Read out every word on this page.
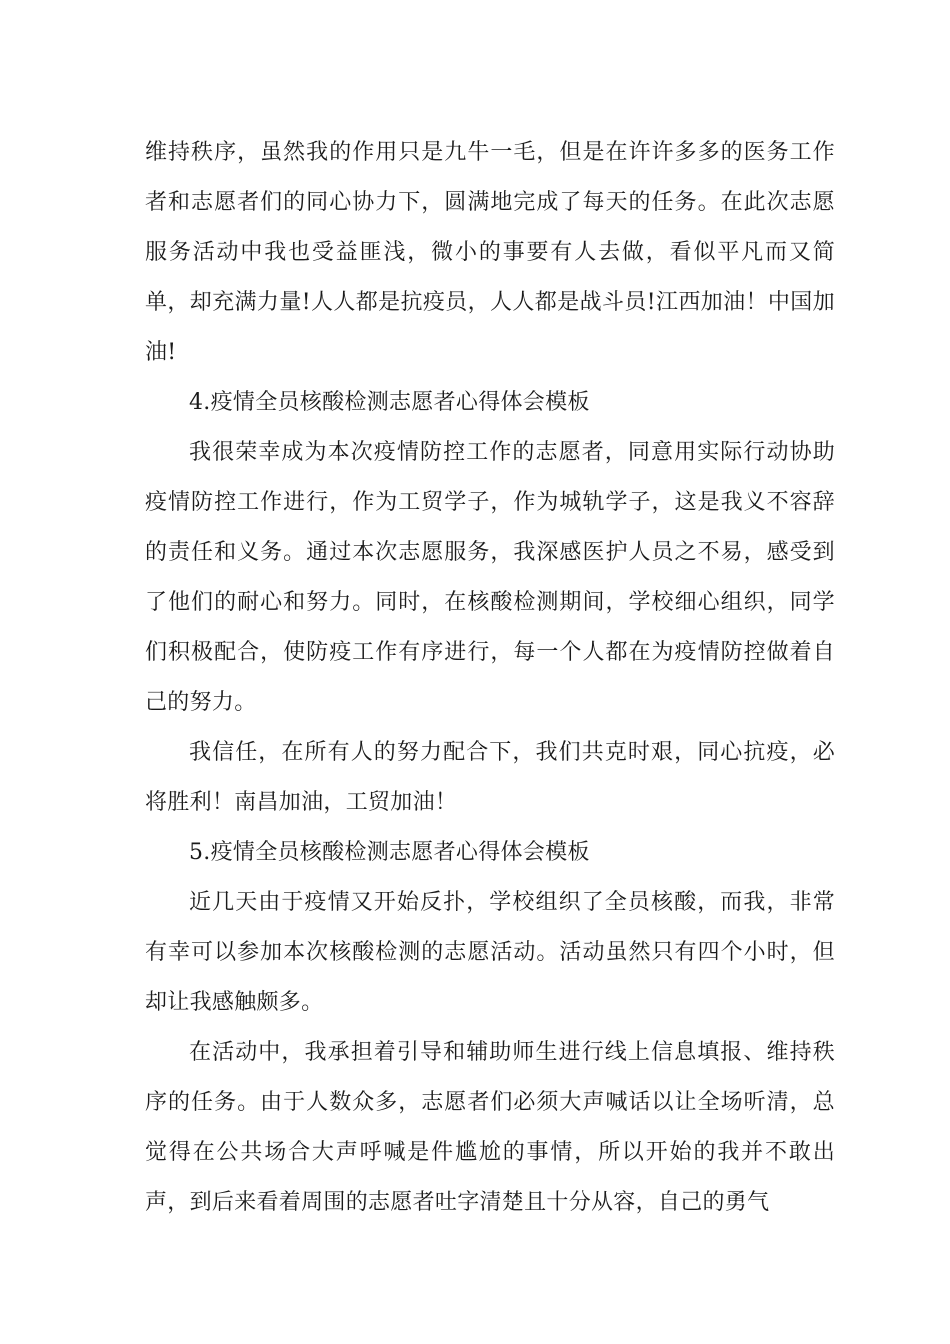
维持秩序，虽然我的作用只是九牛一毛，但是在许许多多的医务工作者和志愿者们的同心协力下，圆满地完成了每天的任务。在此次志愿服务活动中我也受益匪浅，微小的事要有人去做，看似平凡而又简单，却充满力量!人人都是抗疫员，人人都是战斗员!江西加油！中国加油!

4.疫情全员核酸检测志愿者心得体会模板

我很荣幸成为本次疫情防控工作的志愿者，同意用实际行动协助疫情防控工作进行，作为工贸学子，作为城轨学子，这是我义不容辞的责任和义务。通过本次志愿服务，我深感医护人员之不易，感受到了他们的耐心和努力。同时，在核酸检测期间，学校细心组织，同学们积极配合，使防疫工作有序进行，每一个人都在为疫情防控做着自己的努力。

我信任，在所有人的努力配合下，我们共克时艰，同心抗疫，必将胜利！南昌加油，工贸加油！

5.疫情全员核酸检测志愿者心得体会模板

近几天由于疫情又开始反扑，学校组织了全员核酸，而我，非常有幸可以参加本次核酸检测的志愿活动。活动虽然只有四个小时，但却让我感触颇多。

在活动中，我承担着引导和辅助师生进行线上信息填报、维持秩序的任务。由于人数众多，志愿者们必须大声喊话以让全场听清，总觉得在公共场合大声呼喊是件尴尬的事情，所以开始的我并不敢出声，到后来看着周围的志愿者吐字清楚且十分从容，自己的勇气
